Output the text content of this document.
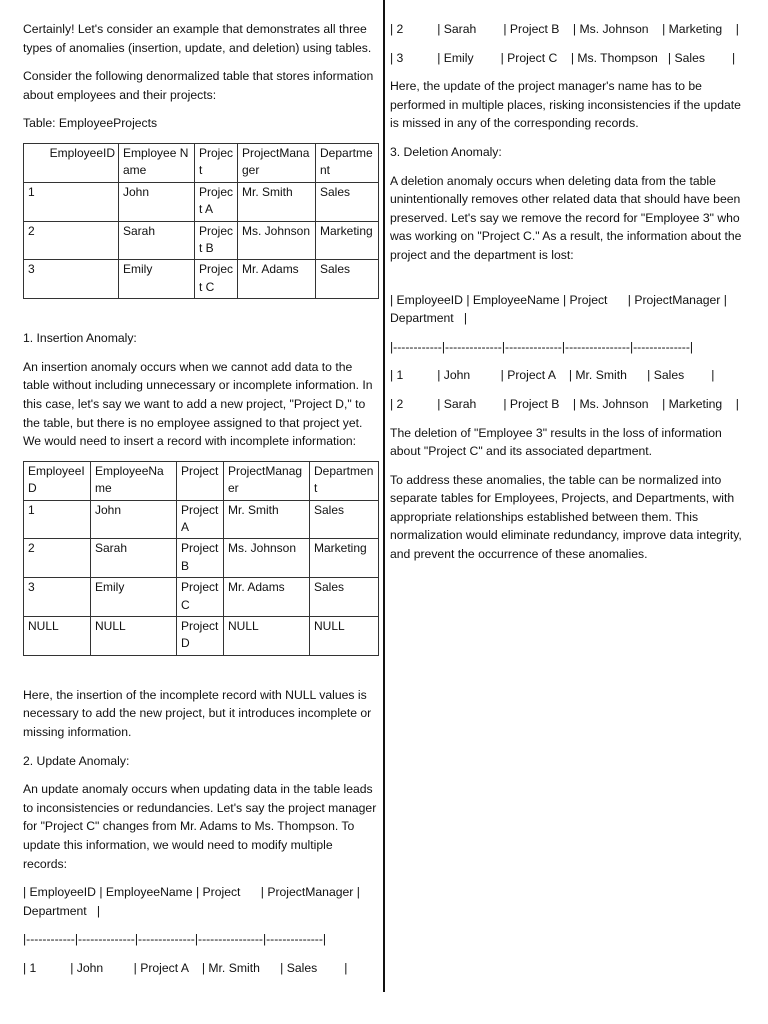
Certainly! Let's consider an example that demonstrates all three types of anomalies (insertion, update, and deletion) using tables.

Consider the following denormalized table that stores information about employees and their projects:

Table: EmployeeProjects

EmployeeID	Employee Name	Project	ProjectManager	Department
1	John	Project A	Mr. Smith	Sales
2	Sarah	Project B	Ms. Johnson	Marketing
3	Emily	Project C	Mr. Adams	Sales

1. Insertion Anomaly:

An insertion anomaly occurs when we cannot add data to the table without including unnecessary or incomplete information. In this case, let's say we want to add a new project, "Project D," to the table, but there is no employee assigned to that project yet. We would need to insert a record with incomplete information:

EmployeeID	EmployeeName	Project	ProjectManager	Department
1	John	Project A	Mr. Smith	Sales
2	Sarah	Project B	Ms. Johnson	Marketing
3	Emily	Project C	Mr. Adams	Sales
NULL	NULL	Project D	NULL	NULL

Here, the insertion of the incomplete record with NULL values is necessary to add the new project, but it introduces incomplete or missing information.

2. Update Anomaly:

An update anomaly occurs when updating data in the table leads to inconsistencies or redundancies. Let's say the project manager for "Project C" changes from Mr. Adams to Ms. Thompson. To update this information, we would need to modify multiple records:

| EmployeeID | EmployeeName | Project      | ProjectManager | Department   |

|------------|--------------|--------------|----------------|--------------|

| 1          | John         | Project A    | Mr. Smith      | Sales        |

| 2          | Sarah        | Project B    | Ms. Johnson    | Marketing    |

| 3          | Emily        | Project C    | Ms. Thompson   | Sales        |

Here, the update of the project manager's name has to be performed in multiple places, risking inconsistencies if the update is missed in any of the corresponding records.

3. Deletion Anomaly:

A deletion anomaly occurs when deleting data from the table unintentionally removes other related data that should have been preserved. Let's say we remove the record for "Employee 3" who was working on "Project C." As a result, the information about the project and the department is lost:

| EmployeeID | EmployeeName | Project      | ProjectManager | Department   |

|------------|--------------|--------------|----------------|--------------|

| 1          | John         | Project A    | Mr. Smith      | Sales        |

| 2          | Sarah        | Project B    | Ms. Johnson    | Marketing    |

The deletion of "Employee 3" results in the loss of information about "Project C" and its associated department.

To address these anomalies, the table can be normalized into separate tables for Employees, Projects, and Departments, with appropriate relationships established between them. This normalization would eliminate redundancy, improve data integrity, and prevent the occurrence of these anomalies.
